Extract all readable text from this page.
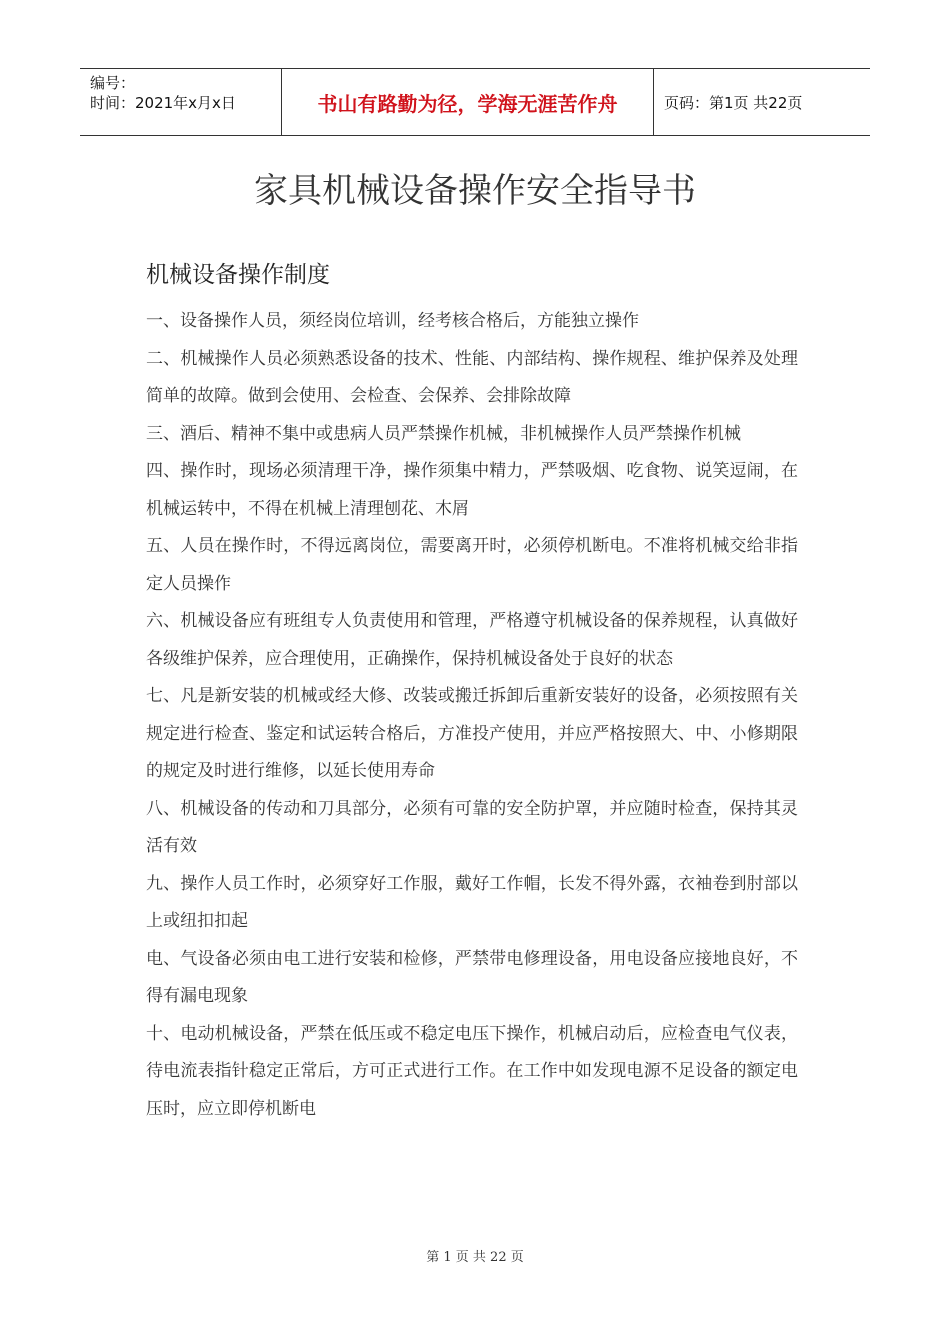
编号：
时间：2021年x月x日	书山有路勤为径，学海无涯苦作舟	页码：第1页 共22页
家具机械设备操作安全指导书
机械设备操作制度

一、设备操作人员，须经岗位培训，经考核合格后，方能独立操作

二、机械操作人员必须熟悉设备的技术、性能、内部结构、操作规程、维护保养及处理简单的故障。做到会使用、会检查、会保养、会排除故障

三、酒后、精神不集中或患病人员严禁操作机械，非机械操作人员严禁操作机械

四、操作时，现场必须清理干净，操作须集中精力，严禁吸烟、吃食物、说笑逗闹，在机械运转中，不得在机械上清理刨花、木屑

五、人员在操作时，不得远离岗位，需要离开时，必须停机断电。不准将机械交给非指定人员操作

六、机械设备应有班组专人负责使用和管理，严格遵守机械设备的保养规程，认真做好各级维护保养，应合理使用，正确操作，保持机械设备处于良好的状态

七、凡是新安装的机械或经大修、改装或搬迁拆卸后重新安装好的设备，必须按照有关规定进行检查、鉴定和试运转合格后，方准投产使用，并应严格按照大、中、小修期限的规定及时进行维修，以延长使用寿命

八、机械设备的传动和刀具部分，必须有可靠的安全防护罩，并应随时检查，保持其灵活有效

九、操作人员工作时，必须穿好工作服，戴好工作帽，长发不得外露，衣袖卷到肘部以上或纽扣扣起

电、气设备必须由电工进行安装和检修，严禁带电修理设备，用电设备应接地良好，不得有漏电现象

十、电动机械设备，严禁在低压或不稳定电压下操作，机械启动后，应检查电气仪表，待电流表指针稳定正常后，方可正式进行工作。在工作中如发现电源不足设备的额定电压时，应立即停机断电

第 1 页 共 22 页
